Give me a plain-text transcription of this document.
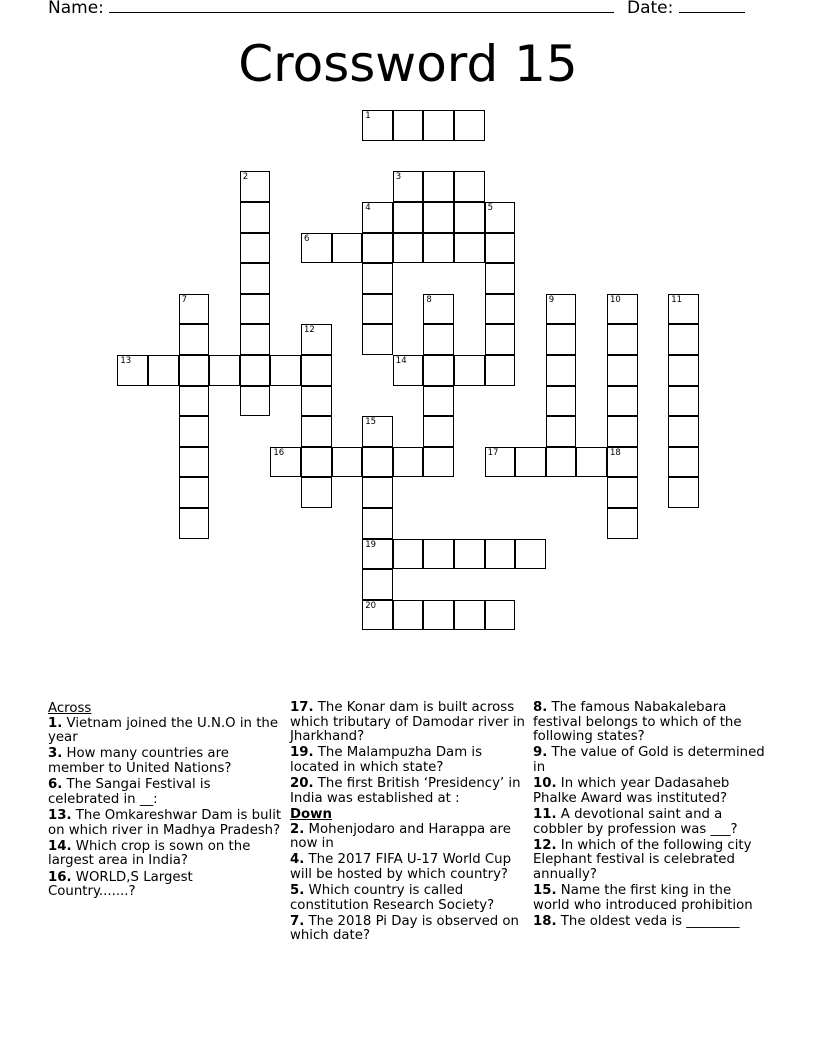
Name:	Date:
Crossword 15
1
2	3
4	5
6
7	8	9	10	11
12
13	14
15
19
16	17	18
20
Across
1. Vietnam joined the U.N.O in the year
3. How many countries are member to United Nations?
6. The Sangai Festival is celebrated in __:
13. The Omkareshwar Dam is bulit on which river in Madhya Pradesh?
14. Which crop is sown on the largest area in India?
16. WORLD,S Largest Country.......?
17. The Konar dam is built across which tributary of Damodar river in Jharkhand?
19. The Malampuzha Dam is located in which state?
20. The first British ‘Presidency’ in India was established at :
Down
2. Mohenjodaro and Harappa are now in
4. The 2017 FIFA U-17 World Cup will be hosted by which country?
5. Which country is called constitution Research Society?
7. The 2018 Pi Day is observed on which date?
8. The famous Nabakalebara festival belongs to which of the following states?
9. The value of Gold is determined in
10. In which year Dadasaheb Phalke Award was instituted?
11. A devotional saint and a cobbler by profession was ___?
12. In which of the following city Elephant festival is celebrated annually?
15. Name the first king in the world who introduced prohibition
18. The oldest veda is ________
